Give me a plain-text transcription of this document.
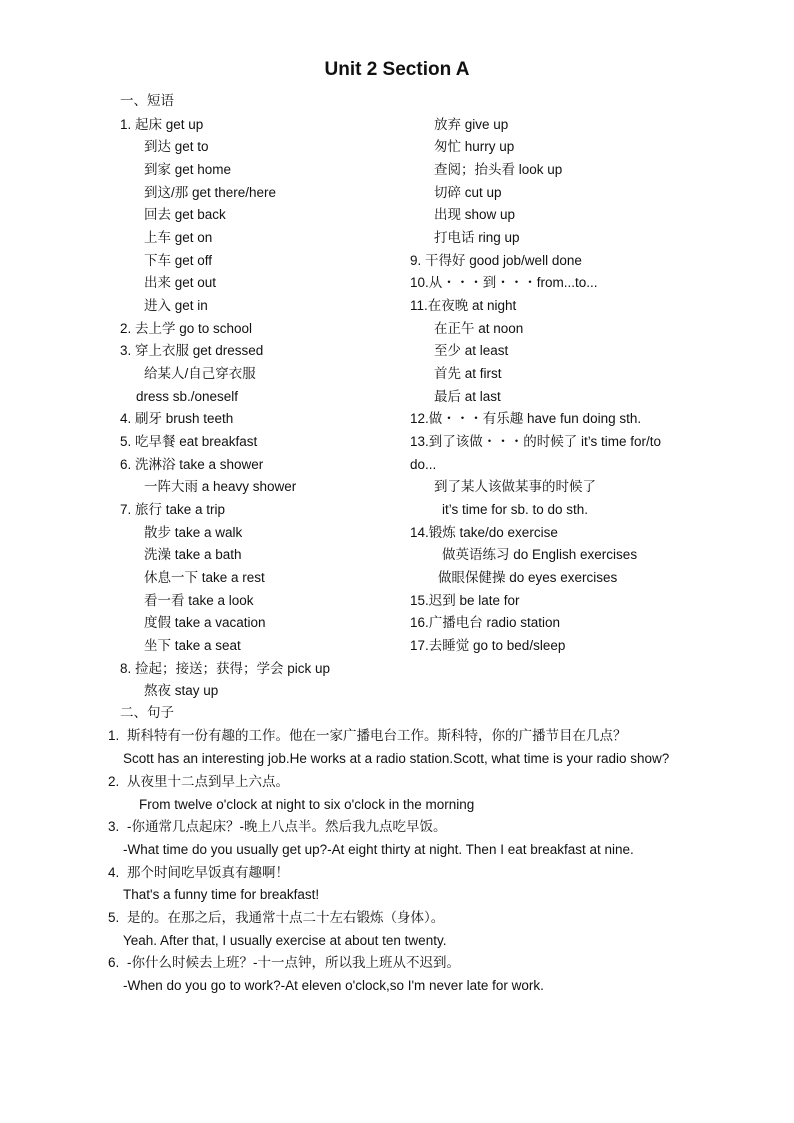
Unit 2 Section A
一、短语
1. 起床 get up
到达 get to
到家 get home
到这/那 get there/here
回去 get back
上车 get on
下车 get off
出来 get out
进入 get in
2. 去上学 go to school
3. 穿上衣服 get dressed
给某人/自己穿衣服
dress sb./oneself
4. 刷牙 brush teeth
5. 吃早餐 eat breakfast
6. 洗淋浴 take a shower
一阵大雨 a heavy shower
7. 旅行 take a trip
散步 take a walk
洗澡 take a bath
休息一下 take a rest
看一看 take a look
度假 take a vacation
坐下 take a seat
8. 捡起；接送；获得；学会 pick up
熬夜 stay up
放弃 give up
匆忙 hurry up
查阅；抬头看 look up
切碎 cut up
出现 show up
打电话 ring up
9. 干得好 good job/well done
10.从・・・到・・・from...to...
11.在夜晚 at night
在正午 at noon
至少 at least
首先 at first
最后 at last
12.做・・・有乐趣 have fun doing sth.
13.到了该做・・・的时候了 it’s time for/to
do...
到了某人该做某事的时候了
it’s time for sb. to do sth.
14.锻炼 take/do exercise
做英语练习 do English exercises
做眼保健操 do eyes exercises
15.迟到 be late for
16.广播电台 radio station
17.去睡觉 go to bed/sleep
二、句子
1. 斯科特有一份有趣的工作。他在一家广播电台工作。斯科特，你的广播节目在几点？
Scott has an interesting job.He works at a radio station.Scott, what time is your radio show?
2. 从夜里十二点到早上六点。
From twelve o'clock at night to six o'clock in the morning
3. -你通常几点起床？-晚上八点半。然后我九点吃早饭。
-What time do you usually get up?-At eight thirty at night. Then I eat breakfast at nine.
4. 那个时间吃早饭真有趣啊！
That's a funny time for breakfast!
5. 是的。在那之后，我通常十点二十左右锻炼（身体）。
Yeah. After that, I usually exercise at about ten twenty.
6. -你什么时候去上班？-十一点钟，所以我上班从不迟到。
-When do you go to work?-At eleven o'clock,so I'm never late for work.
